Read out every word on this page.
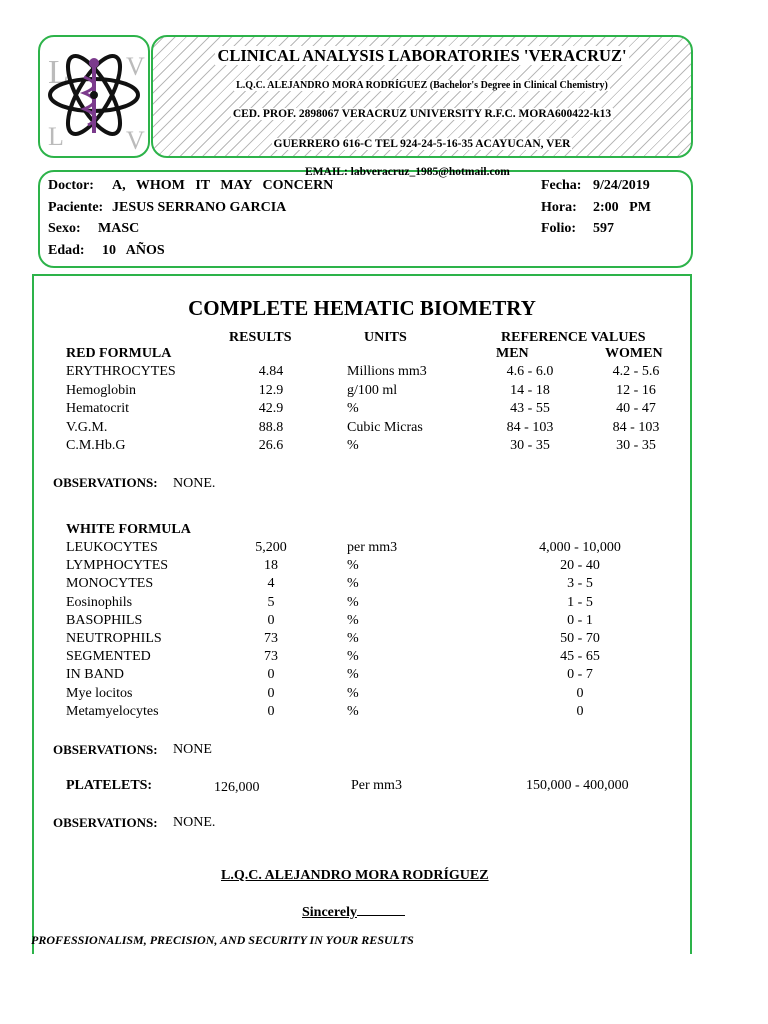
L V
L V
CLINICAL ANALYSIS LABORATORIES 'VERACRUZ'
L.Q.C. ALEJANDRO MORA RODRÍGUEZ (Bachelor's Degree in Clinical Chemistry)
CED. PROF. 2898067 VERACRUZ UNIVERSITY R.F.C. MORA600422-k13
GUERRERO 616-C TEL 924-24-5-16-35 ACAYUCAN, VER
EMAIL: labveracruz_1985@hotmail.com
Doctor: A,   WHOM   IT   MAY   CONCERN
Paciente: JESUS SERRANO GARCIA
Sexo: MASC
Edad: 10   AÑOS
Fecha: 9/24/2019
Hora: 2:00   PM
Folio: 597
COMPLETE HEMATIC BIOMETRY
RESULTS	UNITS	REFERENCE VALUES
MEN	WOMEN
RED FORMULA
ERYTHROCYTES	4.84	Millions mm3	4.6 - 6.0	4.2 - 5.6
Hemoglobin	12.9	g/100 ml	14 - 18	12 - 16
Hematocrit	42.9	%	43 - 55	40 - 47
V.G.M.	88.8	Cubic Micras	84 - 103	84 - 103
C.M.Hb.G	26.6	%	30 - 35	30 - 35
OBSERVATIONS: NONE.
WHITE FORMULA
LEUKOCYTES	5,200	per mm3	4,000 - 10,000
LYMPHOCYTES	18	%	20 - 40
MONOCYTES	4	%	3 - 5
Eosinophils	5	%	1 - 5
BASOPHILS	0	%	0 - 1
NEUTROPHILS	73	%	50 - 70
SEGMENTED	73	%	45 - 65
IN BAND	0	%	0 - 7
Mye locitos	0	%	0
Metamyelocytes	0	%	0
OBSERVATIONS: NONE
PLATELETS:	126,000	Per mm3	150,000 - 400,000
OBSERVATIONS: NONE.
L.Q.C. ALEJANDRO MORA RODRÍGUEZ
Sincerely
PROFESSIONALISM, PRECISION, AND SECURITY IN YOUR RESULTS
